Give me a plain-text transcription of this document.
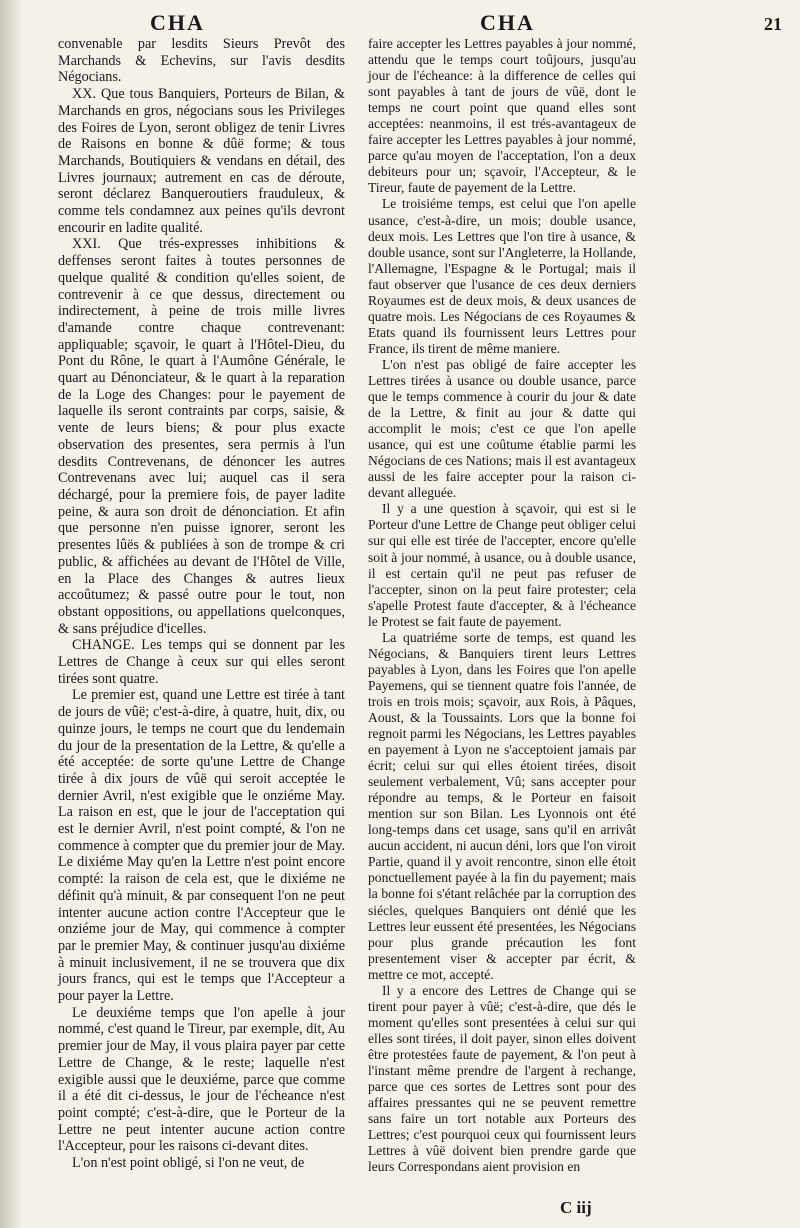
CHA	CHA	21

convenable par lesdits Sieurs Prevôt des Marchands & Echevins, sur l'avis desdits Négocians.

XX. Que tous Banquiers, Porteurs de Bilan, & Marchands en gros, négocians sous les Privileges des Foires de Lyon, seront obligez de tenir Livres de Raisons en bonne & dûë forme; & tous Marchands, Boutiquiers & vendans en détail, des Livres journaux; autrement en cas de déroute, seront déclarez Banqueroutiers frauduleux, & comme tels condamnez aux peines qu'ils devront encourir en ladite qualité.

XXI. Que trés-expresses inhibitions & deffenses seront faites à toutes personnes de quelque qualité & condition qu'elles soient, de contrevenir à ce que dessus, directement ou indirectement, à peine de trois mille livres d'amande contre chaque contrevenant: appliquable; sçavoir, le quart à l'Hôtel-Dieu, du Pont du Rône, le quart à l'Aumône Générale, le quart au Dénonciateur, & le quart à la reparation de la Loge des Changes: pour le payement de laquelle ils seront contraints par corps, saisie, & vente de leurs biens; & pour plus exacte observation des presentes, sera permis à l'un desdits Contrevenans, de dénoncer les autres Contrevenans avec lui; auquel cas il sera déchargé, pour la premiere fois, de payer ladite peine, & aura son droit de dénonciation. Et afin que personne n'en puisse ignorer, seront les presentes lûës & publiées à son de trompe & cri public, & affichées au devant de l'Hôtel de Ville, en la Place des Changes & autres lieux accoûtumez; & passé outre pour le tout, non obstant oppositions, ou appellations quelconques, & sans préjudice d'icelles.

CHANGE. Les temps qui se donnent par les Lettres de Change à ceux sur qui elles seront tirées sont quatre.

Le premier est, quand une Lettre est tirée à tant de jours de vûë; c'est-à-dire, à quatre, huit, dix, ou quinze jours, le temps ne court que du lendemain du jour de la presentation de la Lettre, & qu'elle a été acceptée: de sorte qu'une Lettre de Change tirée à dix jours de vûë qui seroit acceptée le dernier Avril, n'est exigible que le onziéme May. La raison en est, que le jour de l'acceptation qui est le dernier Avril, n'est point compté, & l'on ne commence à compter que du premier jour de May. Le dixiéme May qu'en la Lettre n'est point encore compté: la raison de cela est, que le dixiéme ne définit qu'à minuit, & par consequent l'on ne peut intenter aucune action contre l'Accepteur que le onziéme jour de May, qui commence à compter par le premier May, & continuer jusqu'au dixiéme à minuit inclusivement, il ne se trouvera que dix jours francs, qui est le temps que l'Accepteur a pour payer la Lettre.

Le deuxiéme temps que l'on apelle à jour nommé, c'est quand le Tireur, par exemple, dit, Au premier jour de May, il vous plaira payer par cette Lettre de Change, & le reste; laquelle n'est exigible aussi que le deuxiéme, parce que comme il a été dit ci-dessus, le jour de l'écheance n'est point compté; c'est-à-dire, que le Porteur de la Lettre ne peut intenter aucune action contre l'Accepteur, pour les raisons ci-devant dites.

L'on n'est point obligé, si l'on ne veut, de

faire accepter les Lettres payables à jour nommé, attendu que le temps court toûjours, jusqu'au jour de l'écheance: à la difference de celles qui sont payables à tant de jours de vûë, dont le temps ne court point que quand elles sont acceptées: neanmoins, il est trés-avantageux de faire accepter les Lettres payables à jour nommé, parce qu'au moyen de l'acceptation, l'on a deux debiteurs pour un; sçavoir, l'Accepteur, & le Tireur, faute de payement de la Lettre.

Le troisiéme temps, est celui que l'on apelle usance, c'est-à-dire, un mois; double usance, deux mois. Les Lettres que l'on tire à usance, & double usance, sont sur l'Angleterre, la Hollande, l'Allemagne, l'Espagne & le Portugal; mais il faut observer que l'usance de ces deux derniers Royaumes est de deux mois, & deux usances de quatre mois. Les Négocians de ces Royaumes & Etats quand ils fournissent leurs Lettres pour France, ils tirent de même maniere.

L'on n'est pas obligé de faire accepter les Lettres tirées à usance ou double usance, parce que le temps commence à courir du jour & date de la Lettre, & finit au jour & datte qui accomplit le mois; c'est ce que l'on apelle usance, qui est une coûtume établie parmi les Négocians de ces Nations; mais il est avantageux aussi de les faire accepter pour la raison ci-devant alleguée.

Il y a une question à sçavoir, qui est si le Porteur d'une Lettre de Change peut obliger celui sur qui elle est tirée de l'accepter, encore qu'elle soit à jour nommé, à usance, ou à double usance, il est certain qu'il ne peut pas refuser de l'accepter, sinon on la peut faire protester; cela s'apelle Protest faute d'accepter, & à l'écheance le Protest se fait faute de payement.

La quatriéme sorte de temps, est quand les Négocians, & Banquiers tirent leurs Lettres payables à Lyon, dans les Foires que l'on apelle Payemens, qui se tiennent quatre fois l'année, de trois en trois mois; sçavoir, aux Rois, à Pâques, Aoust, & la Toussaints. Lors que la bonne foi regnoit parmi les Négocians, les Lettres payables en payement à Lyon ne s'acceptoient jamais par écrit; celui sur qui elles étoient tirées, disoit seulement verbalement, Vû; sans accepter pour répondre au temps, & le Porteur en faisoit mention sur son Bilan. Les Lyonnois ont été long-temps dans cet usage, sans qu'il en arrivât aucun accident, ni aucun déni, lors que l'on viroit Partie, quand il y avoit rencontre, sinon elle étoit ponctuellement payée à la fin du payement; mais la bonne foi s'étant relâchée par la corruption des siécles, quelques Banquiers ont dénié que les Lettres leur eussent été presentées, les Négocians pour plus grande précaution les font presentement viser & accepter par écrit, & mettre ce mot, accepté.

Il y a encore des Lettres de Change qui se tirent pour payer à vûë; c'est-à-dire, que dés le moment qu'elles sont presentées à celui sur qui elles sont tirées, il doit payer, sinon elles doivent être protestées faute de payement, & l'on peut à l'instant même prendre de l'argent à rechange, parce que ces sortes de Lettres sont pour des affaires pressantes qui ne se peuvent remettre sans faire un tort notable aux Porteurs des Lettres; c'est pourquoi ceux qui fournissent leurs Lettres à vûë doivent bien prendre garde que leurs Correspondans aient provision en

C iij
